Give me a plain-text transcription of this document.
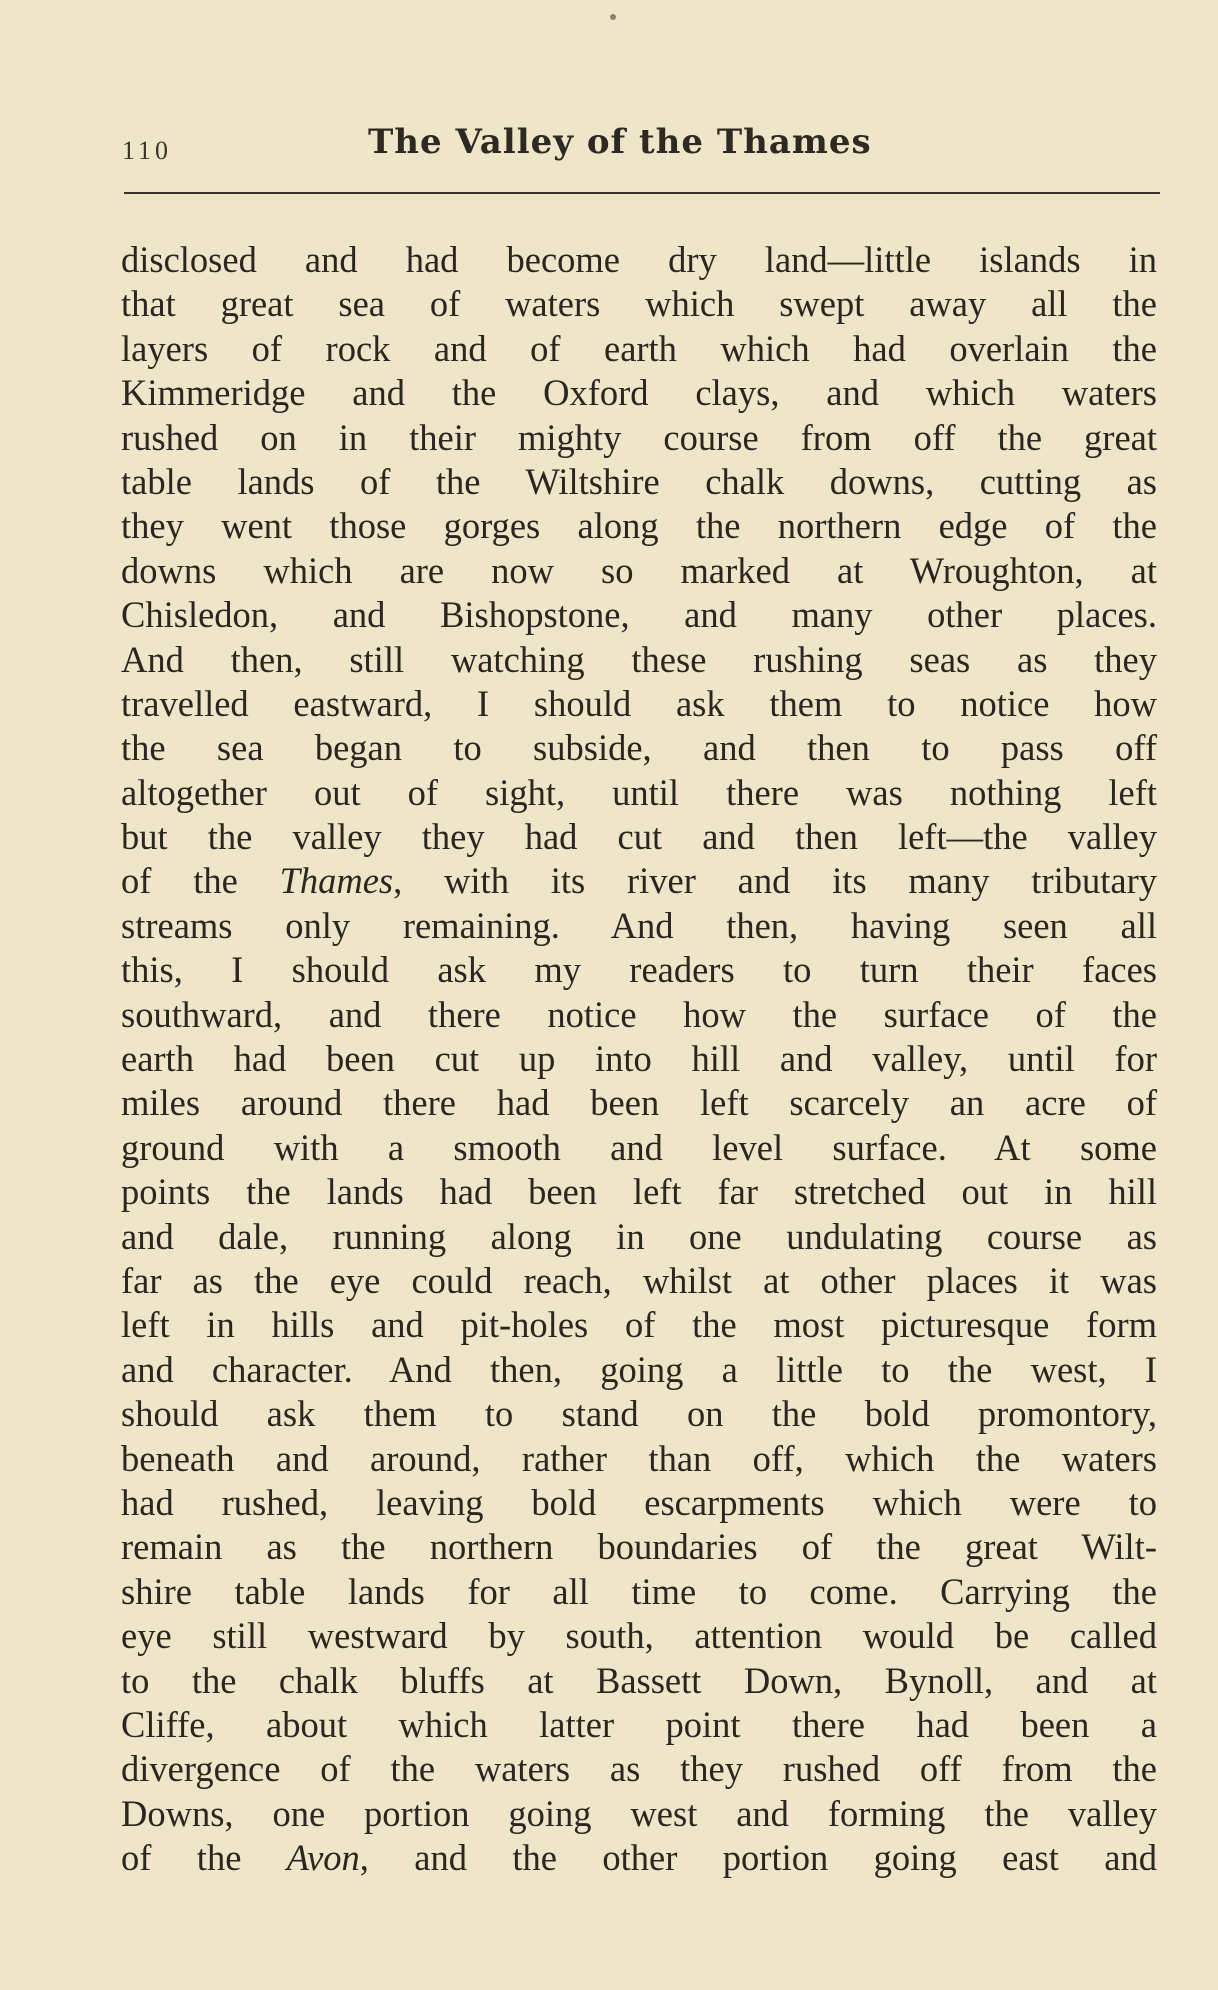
110	The Valley of the Thames
disclosed and had become dry land—little islands in
that great sea of waters which swept away all the
layers of rock and of earth which had overlain the
Kimmeridge and the Oxford clays, and which waters
rushed on in their mighty course from off the great
table lands of the Wiltshire chalk downs, cutting as
they went those gorges along the northern edge of the
downs which are now so marked at Wroughton, at
Chisledon, and Bishopstone, and many other places.
And then, still watching these rushing seas as they
travelled eastward, I should ask them to notice how
the sea began to subside, and then to pass off
altogether out of sight, until there was nothing left
but the valley they had cut and then left—the valley
of the Thames, with its river and its many tributary
streams only remaining. And then, having seen all
this, I should ask my readers to turn their faces
southward, and there notice how the surface of the
earth had been cut up into hill and valley, until for
miles around there had been left scarcely an acre of
ground with a smooth and level surface. At some
points the lands had been left far stretched out in hill
and dale, running along in one undulating course as
far as the eye could reach, whilst at other places it was
left in hills and pit-holes of the most picturesque form
and character. And then, going a little to the west, I
should ask them to stand on the bold promontory,
beneath and around, rather than off, which the waters
had rushed, leaving bold escarpments which were to
remain as the northern boundaries of the great Wilt-
shire table lands for all time to come. Carrying the
eye still westward by south, attention would be called
to the chalk bluffs at Bassett Down, Bynoll, and at
Cliffe, about which latter point there had been a
divergence of the waters as they rushed off from the
Downs, one portion going west and forming the valley
of the Avon, and the other portion going east and
